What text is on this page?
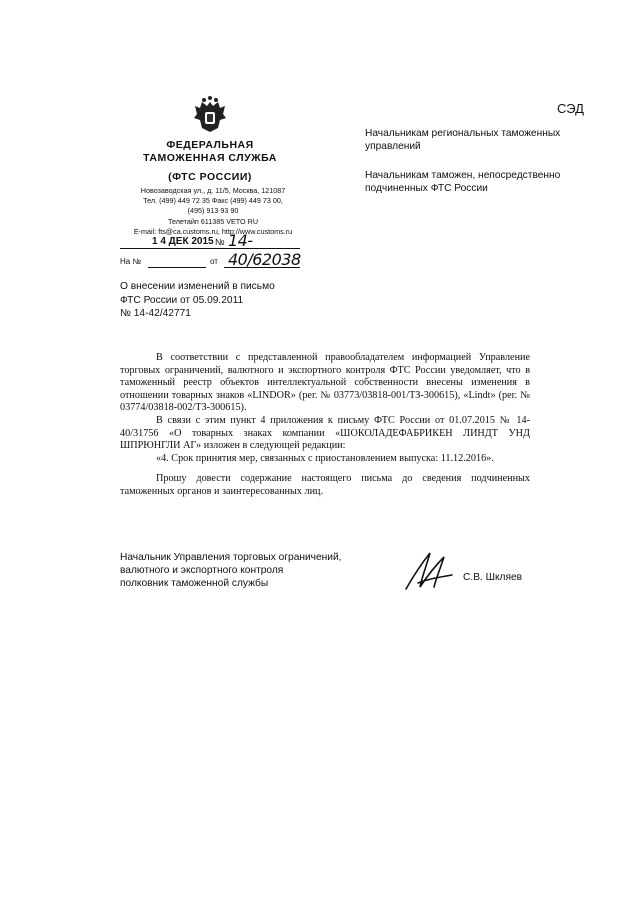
СЭД
ФЕДЕРАЛЬНАЯ
ТАМОЖЕННАЯ СЛУЖБА
(ФТС РОССИИ)
Новозаводская ул., д. 11/5, Москва, 121087
Тел. (499) 449 72 35 Факс (499) 449 73 00,
(495) 913 93 90
Телетайп 611385 VETO RU
E-mail: fts@ca.customs.ru, http://www.customs.ru
1 4 ДЕК 2015 № 14-40/62038
На №	от

Начальникам региональных таможенных управлений

Начальникам таможен, непосредственно подчиненных ФТС России

О внесении изменений в письмо
ФТС России от 05.09.2011
№ 14-42/42771

В соответствии с представленной правообладателем информацией Управление торговых ограничений, валютного и экспортного контроля ФТС России уведомляет, что в таможенный реестр объектов интеллектуальной собственности внесены изменения в отношении товарных знаков «LINDOR» (рег. № 03773/03818-001/ТЗ-300615), «Lindt» (рег. № 03774/03818-002/ТЗ-300615).

В связи с этим пункт 4 приложения к письму ФТС России от 01.07.2015 № 14-40/31756 «О товарных знаках компании «ШОКОЛАДЕФАБРИКЕН ЛИНДТ УНД ШПРЮНГЛИ АГ» изложен в следующей редакции:

«4. Срок принятия мер, связанных с приостановлением выпуска: 11.12.2016».

Прошу довести содержание настоящего письма до сведения подчиненных таможенных органов и заинтересованных лиц.

Начальник Управления торговых ограничений,
валютного и экспортного контроля
полковник таможенной службы
С.В. Шкляев
